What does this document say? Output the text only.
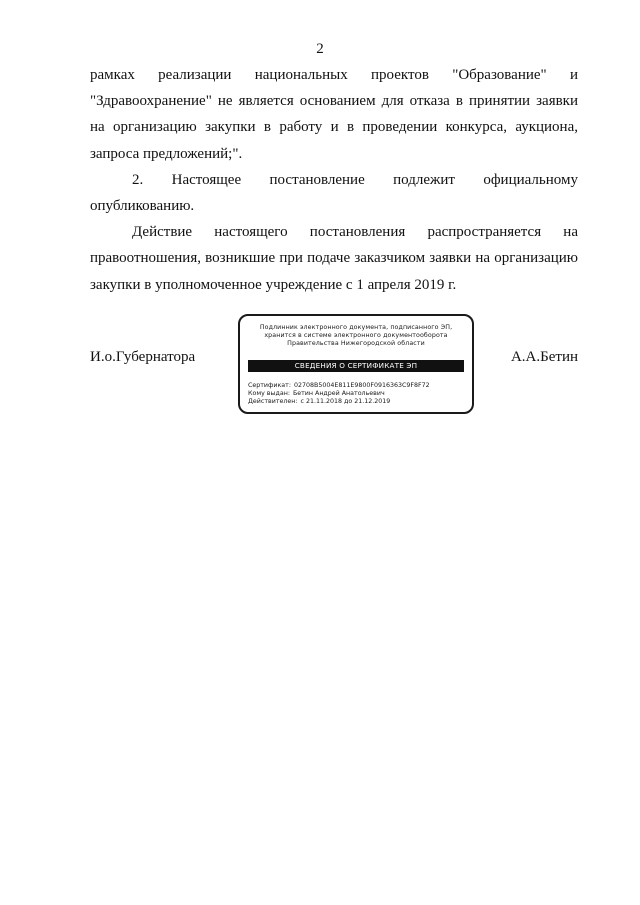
2

рамках реализации национальных проектов "Образование" и

"Здравоохранение" не является основанием для отказа в принятии заявки на организацию закупки в работу и в проведении конкурса, аукциона, запроса предложений;".

2. Настоящее постановление подлежит официальному опубликованию.

Действие настоящего постановления распространяется на правоотношения, возникшие при подаче заказчиком заявки на организацию закупки в уполномоченное учреждение с 1 апреля 2019 г.

И.о.Губернатора
Подлинник электронного документа, подписанного ЭП,
хранится в системе электронного документооборота
Правительства Нижегородской области
СВЕДЕНИЯ О СЕРТИФИКАТЕ ЭП
Сертификат: 02708B5004E811E9800F0916363C9F8F72
Кому выдан: Бетин Андрей Анатольевич
Действителен: с 21.11.2018 до 21.12.2019
А.А.Бетин
